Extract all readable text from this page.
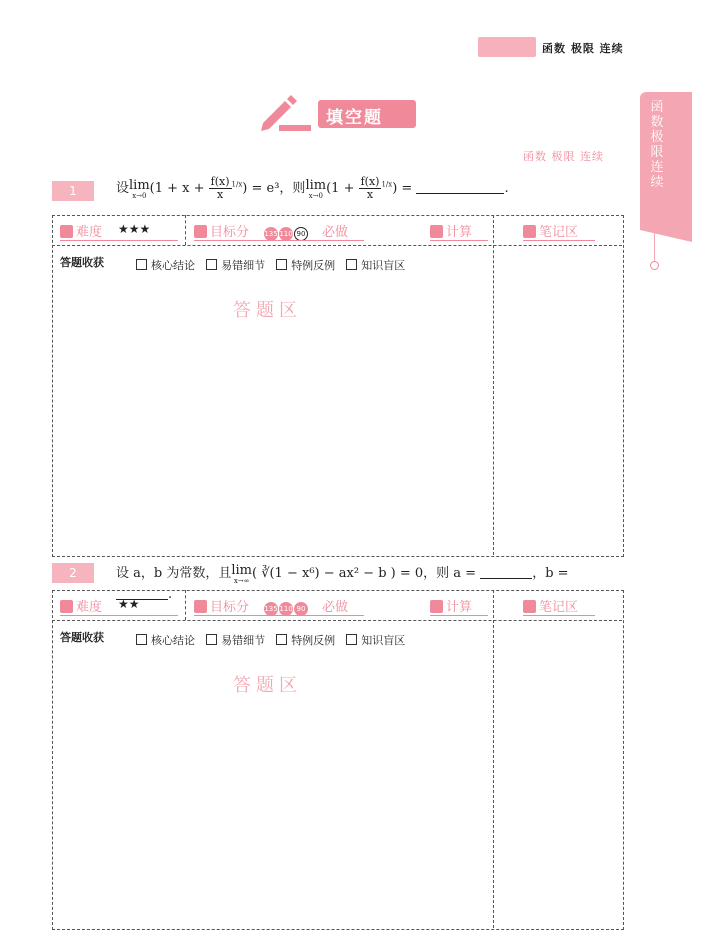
函数 极限 连续
函数 极限 连续
填空题
函数 极限 连续
1	设lim
x→0 $(1 + x + \frac{f(x)}{x}^{1/x}) = e^3$，则lim
x→0 $(1 + \frac{f(x)}{x}^{1/x})$ =	.
难度 ★★★	目标分 135 110 90 必做	计算	笔记区
答题收获	核心结论 易错细节 特例反例 知识盲区
答题区
2	设 a，b 为常数，且lim
x→∞ ( ∛(1 − x⁶) − ax² − b ) = 0，则 a =	，b = .
难度 ★★	目标分 135 110 90 必做	计算	笔记区
答题收获	核心结论 易错细节 特例反例 知识盲区
答题区
